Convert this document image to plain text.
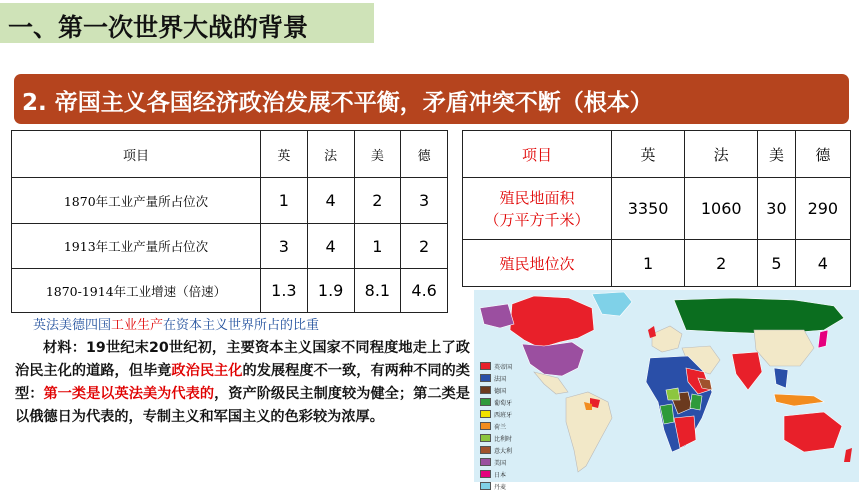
一、第一次世界大战的背景
2. 帝国主义各国经济政治发展不平衡，矛盾冲突不断（根本）
项目	英	法	美	德
1870年工业产量所占位次	1	4	2	3
1913年工业产量所占位次	3	4	1	2
1870-1914年工业增速（倍速）	1.3	1.9	8.1	4.6
项目	英	法	美	德
殖民地面积
（万平方千米）	3350	1060	30	290
殖民地位次	1	2	5	4
英法美德四国工业生产在资本主义世界所占的比重
材料：19世纪末20世纪初，主要资本主义国家不同程度地走上了政治民主化的道路，但毕竟政治民主化的发展程度不一致，有两种不同的类型：第一类是以英法美为代表的，资产阶级民主制度较为健全；第二类是以俄德日为代表的，专制主义和军国主义的色彩较为浓厚。
英帝国
法国
德国
葡萄牙
西班牙
荷兰
比利时
意大利
美国
日本
丹麦
